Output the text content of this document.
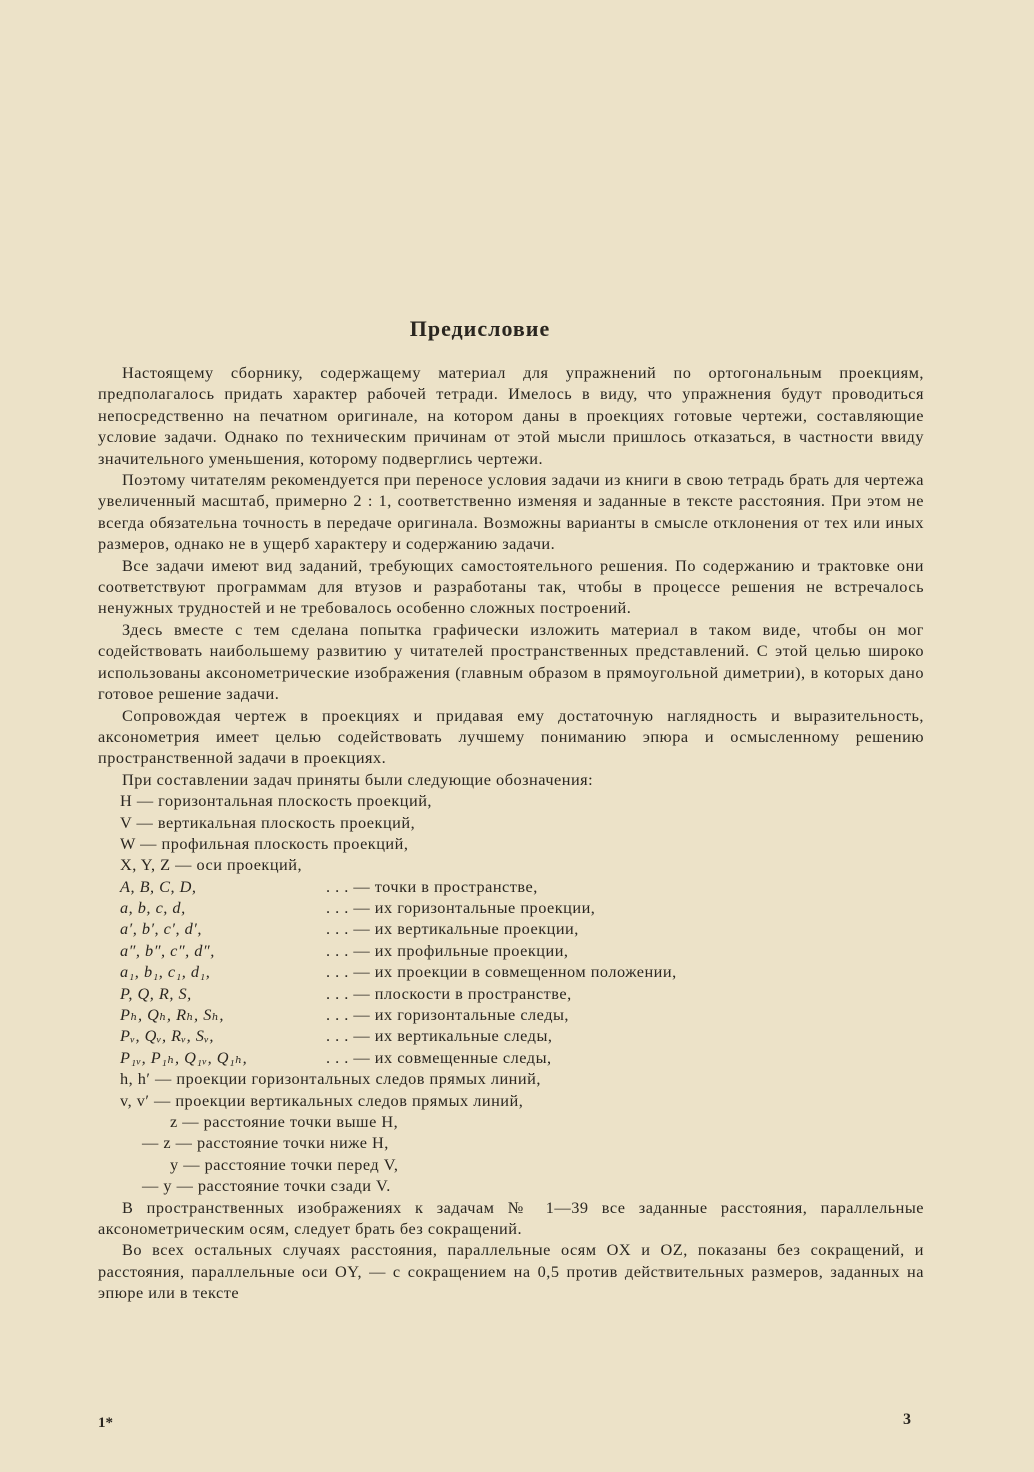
Предисловие

Настоящему сборнику, содержащему материал для упражнений по ортогональным проекциям, предполагалось придать характер рабочей тетради. Имелось в виду, что упражнения будут проводиться непосредственно на печатном оригинале, на котором даны в проекциях готовые чертежи, составляющие условие задачи. Однако по техническим причинам от этой мысли пришлось отказаться, в частности ввиду значительного уменьшения, которому подверглись чертежи.

Поэтому читателям рекомендуется при переносе условия задачи из книги в свою тетрадь брать для чертежа увеличенный масштаб, примерно 2 : 1, соответственно изменяя и заданные в тексте расстояния. При этом не всегда обязательна точность в передаче оригинала. Возможны варианты в смысле отклонения от тех или иных размеров, однако не в ущерб характеру и содержанию задачи.

Все задачи имеют вид заданий, требующих самостоятельного решения. По содержанию и трактовке они соответствуют программам для втузов и разработаны так, чтобы в процессе решения не встречалось ненужных трудностей и не требовалось особенно сложных построений.

Здесь вместе с тем сделана попытка графически изложить материал в таком виде, чтобы он мог содействовать наибольшему развитию у читателей пространственных представлений. С этой целью широко использованы аксонометрические изображения (главным образом в прямоугольной диметрии), в которых дано готовое решение задачи.

Сопровождая чертеж в проекциях и придавая ему достаточную наглядность и выразительность, аксонометрия имеет целью содействовать лучшему пониманию эпюра и осмысленному решению пространственной задачи в проекциях.

При составлении задач приняты были следующие обозначения:

H — горизонтальная плоскость проекций,
V — вертикальная плоскость проекций,
W — профильная плоскость проекций,
X, Y, Z — оси проекций,
A, B, C, D,	. . . — точки в пространстве,
a, b, c, d,	. . . — их горизонтальные проекции,
a′, b′, c′, d′,	. . . — их вертикальные проекции,
a″, b″, c″, d″,	. . . — их профильные проекции,
a₁, b₁, c₁, d₁,	. . . — их проекции в совмещенном положении,
P, Q, R, S,	. . . — плоскости в пространстве,
Pₕ, Qₕ, Rₕ, Sₕ,	. . . — их горизонтальные следы,
Pᵥ, Qᵥ, Rᵥ, Sᵥ,	. . . — их вертикальные следы,
P₁ᵥ, P₁ₕ, Q₁ᵥ, Q₁ₕ,	. . . — их совмещенные следы,
h, h′ — проекции горизонтальных следов прямых линий,
v, v′ — проекции вертикальных следов прямых линий,
z — расстояние точки выше H,
— z — расстояние точки ниже H,
y — расстояние точки перед V,
— y — расстояние точки сзади V.

В пространственных изображениях к задачам № 1—39 все заданные расстояния, параллельные аксонометрическим осям, следует брать без сокращений.

Во всех остальных случаях расстояния, параллельные осям OX и OZ, показаны без сокращений, и расстояния, параллельные оси OY, — с сокращением на 0,5 против действительных размеров, заданных на эпюре или в тексте

1*	3
